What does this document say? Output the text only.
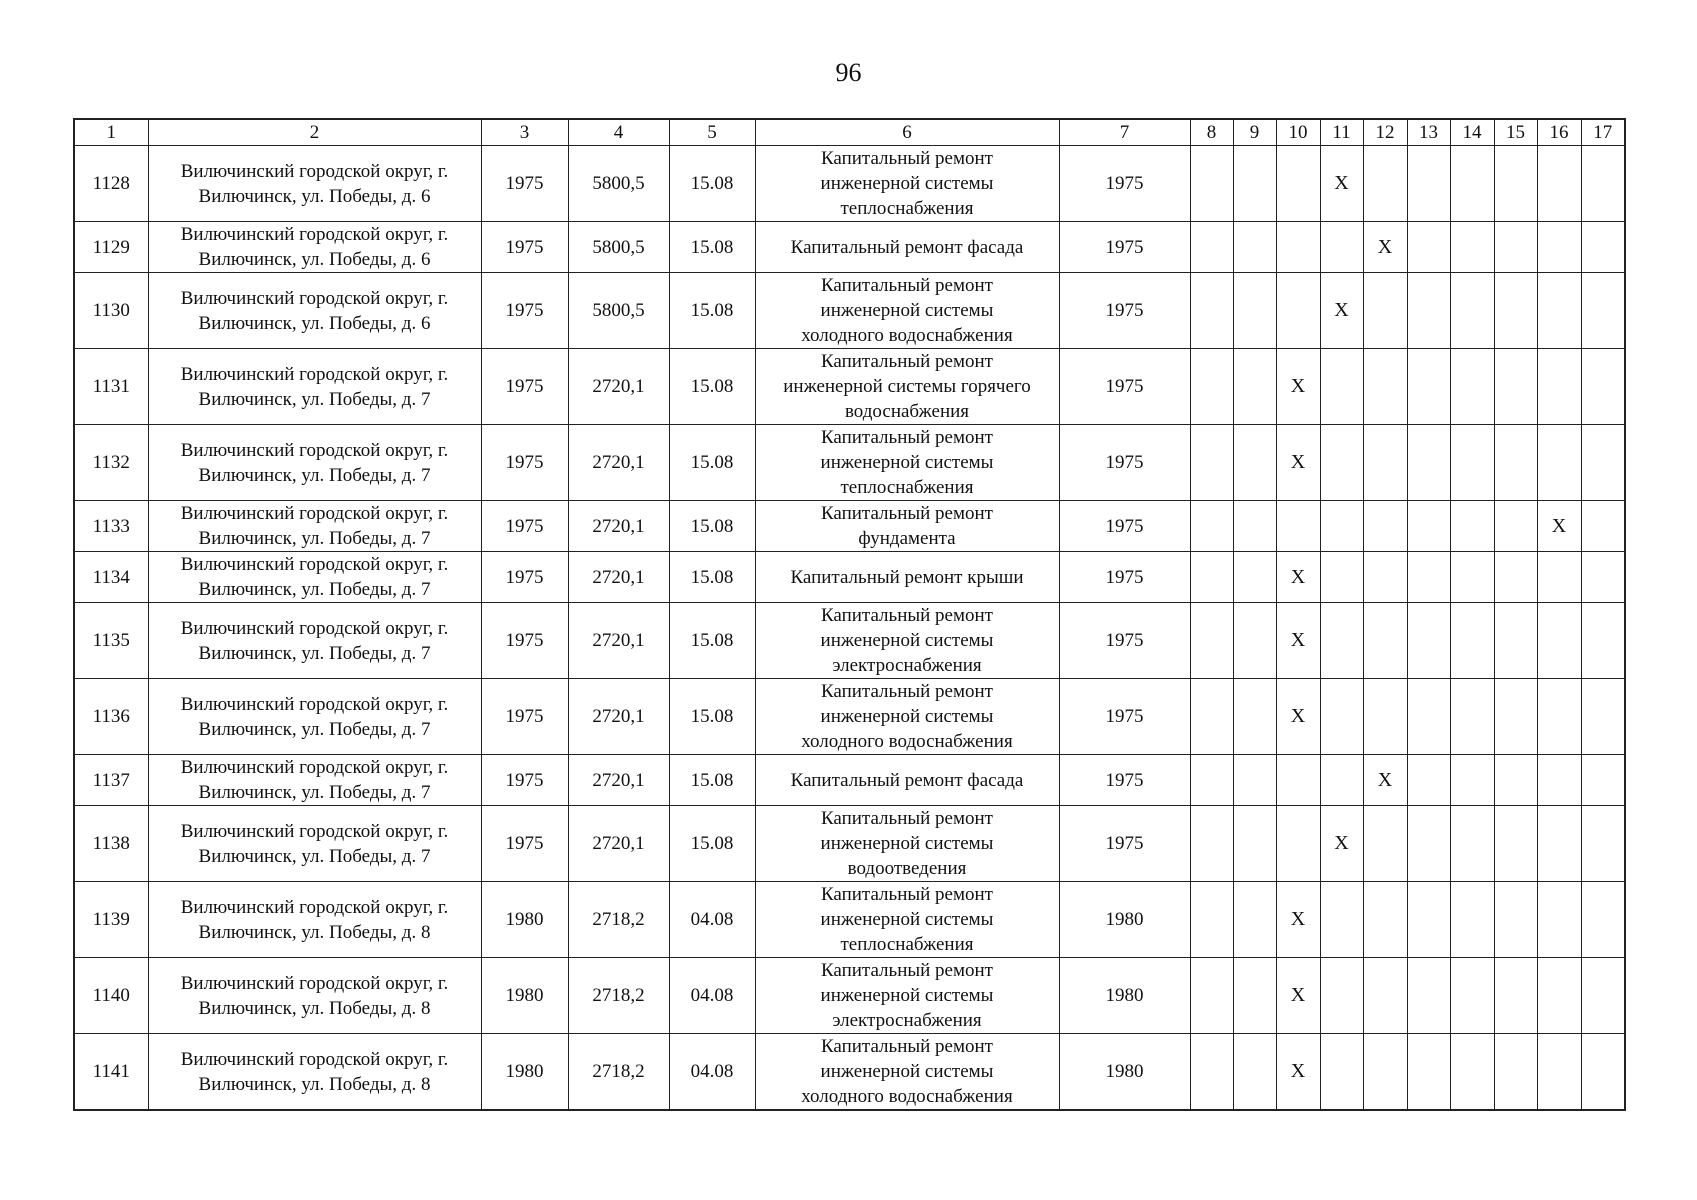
96
1	2	3	4	5	6	7	8	9	10	11	12	13	14	15	16	17
1128	Вилючинский городской округ, г.
Вилючинск, ул. Победы, д. 6	1975	5800,5	15.08	Капитальный ремонт
инженерной системы
теплоснабжения	1975				X						
1129	Вилючинский городской округ, г.
Вилючинск, ул. Победы, д. 6	1975	5800,5	15.08	Капитальный ремонт фасада	1975					X					
1130	Вилючинский городской округ, г.
Вилючинск, ул. Победы, д. 6	1975	5800,5	15.08	Капитальный ремонт
инженерной системы
холодного водоснабжения	1975				X						
1131	Вилючинский городской округ, г.
Вилючинск, ул. Победы, д. 7	1975	2720,1	15.08	Капитальный ремонт
инженерной системы горячего
водоснабжения	1975			X							
1132	Вилючинский городской округ, г.
Вилючинск, ул. Победы, д. 7	1975	2720,1	15.08	Капитальный ремонт
инженерной системы
теплоснабжения	1975			X							
1133	Вилючинский городской округ, г.
Вилючинск, ул. Победы, д. 7	1975	2720,1	15.08	Капитальный ремонт
фундамента	1975									X	
1134	Вилючинский городской округ, г.
Вилючинск, ул. Победы, д. 7	1975	2720,1	15.08	Капитальный ремонт крыши	1975			X							
1135	Вилючинский городской округ, г.
Вилючинск, ул. Победы, д. 7	1975	2720,1	15.08	Капитальный ремонт
инженерной системы
электроснабжения	1975			X							
1136	Вилючинский городской округ, г.
Вилючинск, ул. Победы, д. 7	1975	2720,1	15.08	Капитальный ремонт
инженерной системы
холодного водоснабжения	1975			X							
1137	Вилючинский городской округ, г.
Вилючинск, ул. Победы, д. 7	1975	2720,1	15.08	Капитальный ремонт фасада	1975					X					
1138	Вилючинский городской округ, г.
Вилючинск, ул. Победы, д. 7	1975	2720,1	15.08	Капитальный ремонт
инженерной системы
водоотведения	1975				X						
1139	Вилючинский городской округ, г.
Вилючинск, ул. Победы, д. 8	1980	2718,2	04.08	Капитальный ремонт
инженерной системы
теплоснабжения	1980			X							
1140	Вилючинский городской округ, г.
Вилючинск, ул. Победы, д. 8	1980	2718,2	04.08	Капитальный ремонт
инженерной системы
электроснабжения	1980			X							
1141	Вилючинский городской округ, г.
Вилючинск, ул. Победы, д. 8	1980	2718,2	04.08	Капитальный ремонт
инженерной системы
холодного водоснабжения	1980			X							
